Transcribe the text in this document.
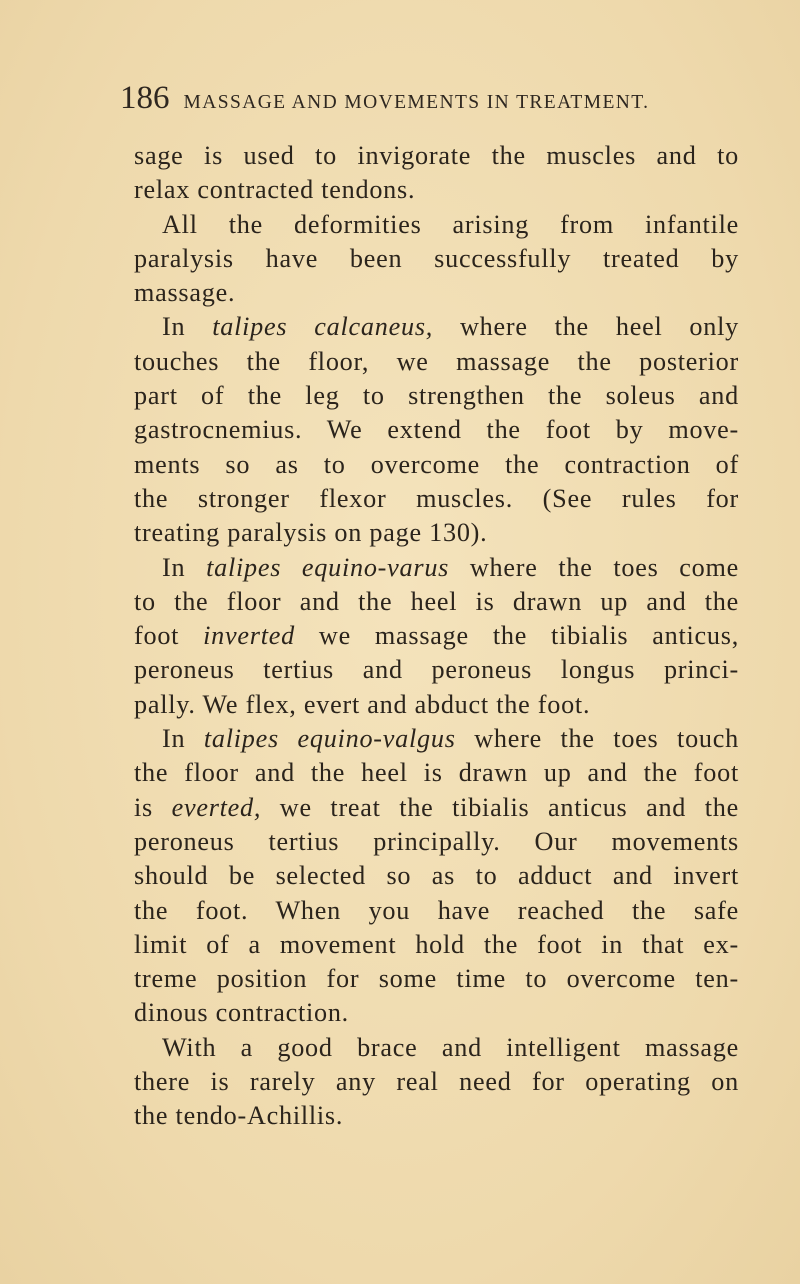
186 MASSAGE AND MOVEMENTS IN TREATMENT.
sage is used to invigorate the muscles and to
relax contracted tendons.
All the deformities arising from infantile
paralysis have been successfully treated by
massage.
In talipes calcaneus, where the heel only
touches the floor, we massage the posterior
part of the leg to strengthen the soleus and
gastrocnemius. We extend the foot by move-
ments so as to overcome the contraction of
the stronger flexor muscles. (See rules for
treating paralysis on page 130).
In talipes equino-varus where the toes come
to the floor and the heel is drawn up and the
foot inverted we massage the tibialis anticus,
peroneus tertius and peroneus longus princi-
pally. We flex, evert and abduct the foot.
In talipes equino-valgus where the toes touch
the floor and the heel is drawn up and the foot
is everted, we treat the tibialis anticus and the
peroneus tertius principally. Our movements
should be selected so as to adduct and invert
the foot. When you have reached the safe
limit of a movement hold the foot in that ex-
treme position for some time to overcome ten-
dinous contraction.
With a good brace and intelligent massage
there is rarely any real need for operating on
the tendo-Achillis.
